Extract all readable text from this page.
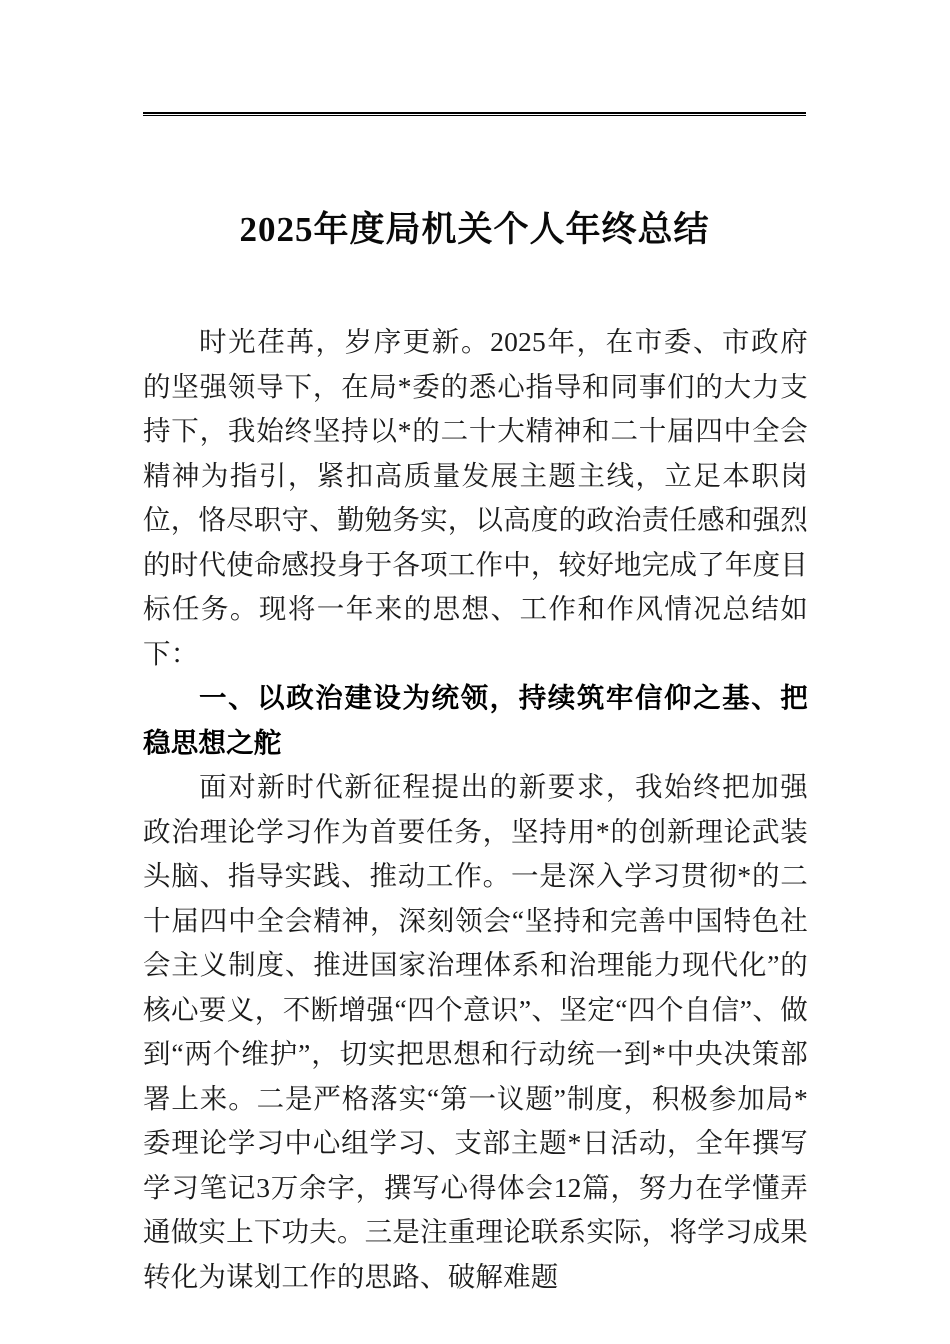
2025年度局机关个人年终总结

时光荏苒，岁序更新。2025年，在市委、市政府的坚强领导下，在局*委的悉心指导和同事们的大力支持下，我始终坚持以*的二十大精神和二十届四中全会精神为指引，紧扣高质量发展主题主线，立足本职岗位，恪尽职守、勤勉务实，以高度的政治责任感和强烈的时代使命感投身于各项工作中，较好地完成了年度目标任务。现将一年来的思想、工作和作风情况总结如下：

一、以政治建设为统领，持续筑牢信仰之基、把稳思想之舵

面对新时代新征程提出的新要求，我始终把加强政治理论学习作为首要任务，坚持用*的创新理论武装头脑、指导实践、推动工作。一是深入学习贯彻*的二十届四中全会精神，深刻领会“坚持和完善中国特色社会主义制度、推进国家治理体系和治理能力现代化”的核心要义，不断增强“四个意识”、坚定“四个自信”、做到“两个维护”，切实把思想和行动统一到*中央决策部署上来。二是严格落实“第一议题”制度，积极参加局*委理论学习中心组学习、支部主题*日活动，全年撰写学习笔记3万余字，撰写心得体会12篇，努力在学懂弄通做实上下功夫。三是注重理论联系实际，将学习成果转化为谋划工作的思路、破解难题
